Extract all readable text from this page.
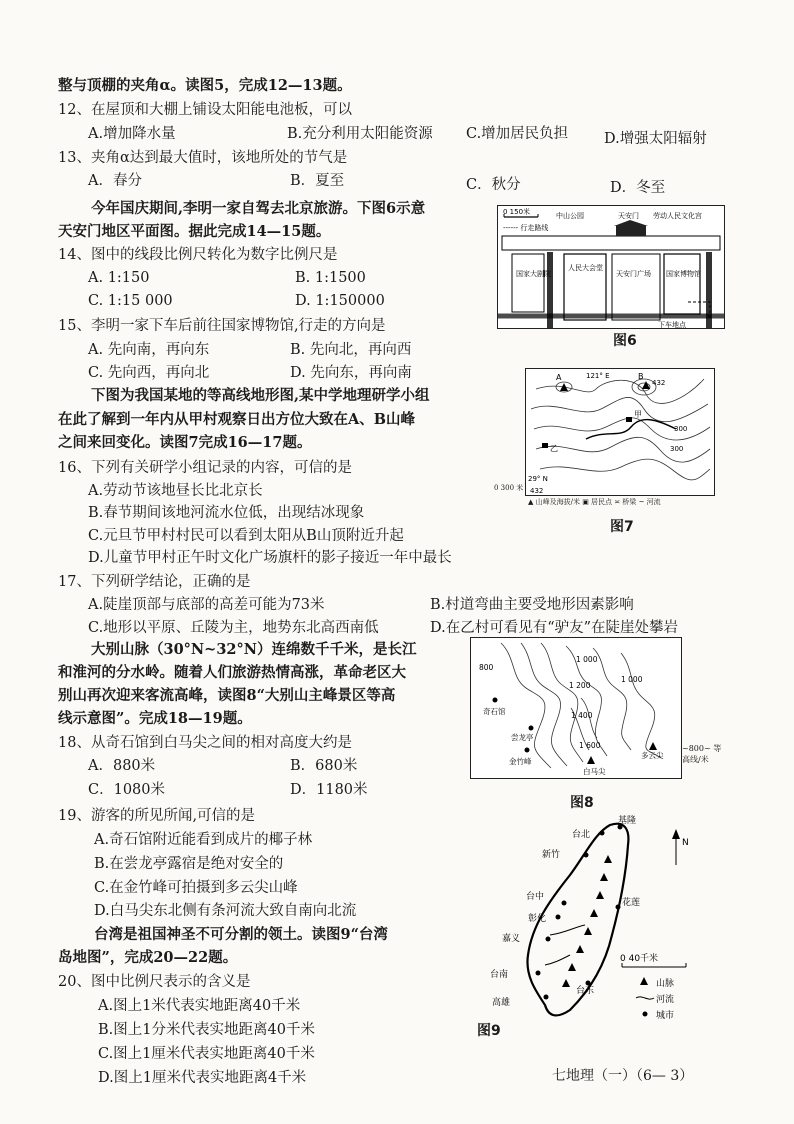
整与顶棚的夹角α。读图5，完成12—13题。
12、在屋顶和大棚上铺设太阳能电池板，可以
A.增加降水量	B.充分利用太阳能资源 C.增加居民负担 D.增强太阳辐射
13、夹角α达到最大值时，该地所处的节气是
A．春分	B．夏至	C．秋分	D．冬至
今年国庆期间,李明一家自驾去北京旅游。下图6示意
天安门地区平面图。据此完成14—15题。
14、图中的线段比例尺转化为数字比例尺是
A. 1:150	B. 1:1500
C. 1:15 000	D. 1:150000
15、李明一家下车后前往国家博物馆,行走的方向是
A. 先向南，再向东	B. 先向北，再向西
C. 先向西，再向北	D. 先向东，再向南
下图为我国某地的等高线地形图,某中学地理研学小组
在此了解到一年内从甲村观察日出方位大致在A、B山峰
之间来回变化。读图7完成16—17题。
16、下列有关研学小组记录的内容，可信的是
A.劳动节该地昼长比北京长
B.春节期间该地河流水位低，出现结冰现象
C.元旦节甲村村民可以看到太阳从B山顶附近升起
D.儿童节甲村正午时文化广场旗杆的影子接近一年中最长
17、下列研学结论，正确的是
A.陡崖顶部与底部的高差可能为73米	B.村道弯曲主要受地形因素影响
C.地形以平原、丘陵为主，地势东北高西南低	D.在乙村可看见有“驴友”在陡崖处攀岩
大别山脉（30°N~32°N）连绵数千千米，是长江
和淮河的分水岭。随着人们旅游热情高涨，革命老区大
别山再次迎来客流高峰，读图8“大别山主峰景区等高
线示意图”。完成18—19题。
18、从奇石馆到白马尖之间的相对高度大约是
A．880米	B．680米
C．1080米	D．1180米
19、游客的所见所闻,可信的是
A.奇石馆附近能看到成片的椰子林
B.在尝龙亭露宿是绝对安全的
C.在金竹峰可拍摄到多云尖山峰
D.白马尖东北侧有条河流大致自南向北流
台湾是祖国神圣不可分割的领土。读图9“台湾
岛地图”，完成20—22题。
20、图中比例尺表示的含义是
A.图上1米代表实地距离40千米
B.图上1分米代表实地距离40千米
C.图上1厘米代表实地距离40千米
D.图上1厘米代表实地距离4千米	七地理（一）（6— 3）
0 150米
------ 行走路线
中山公园	天安门 劳动人民文化宫
国家大剧院
人民大会堂
天安门广场 国家博物馆
下车地点
图6
A	B
甲
乙
432
300
300
432
121° E
29° N
0 300 米
▲ 山峰及海拔/米 ▣ 居民点 ≍ 桥梁 ~ 河流
图7
800
1 000
1 200
1 400
1 600
1 000
奇石馆
尝龙亭
金竹峰
白马尖
多云尖
~800~ 等高线/米
图8
台北
基隆
新竹
台中
彰化
花莲
嘉义
台南
高雄
台东
N
0 40千米
山脉
河流
城市
图9
